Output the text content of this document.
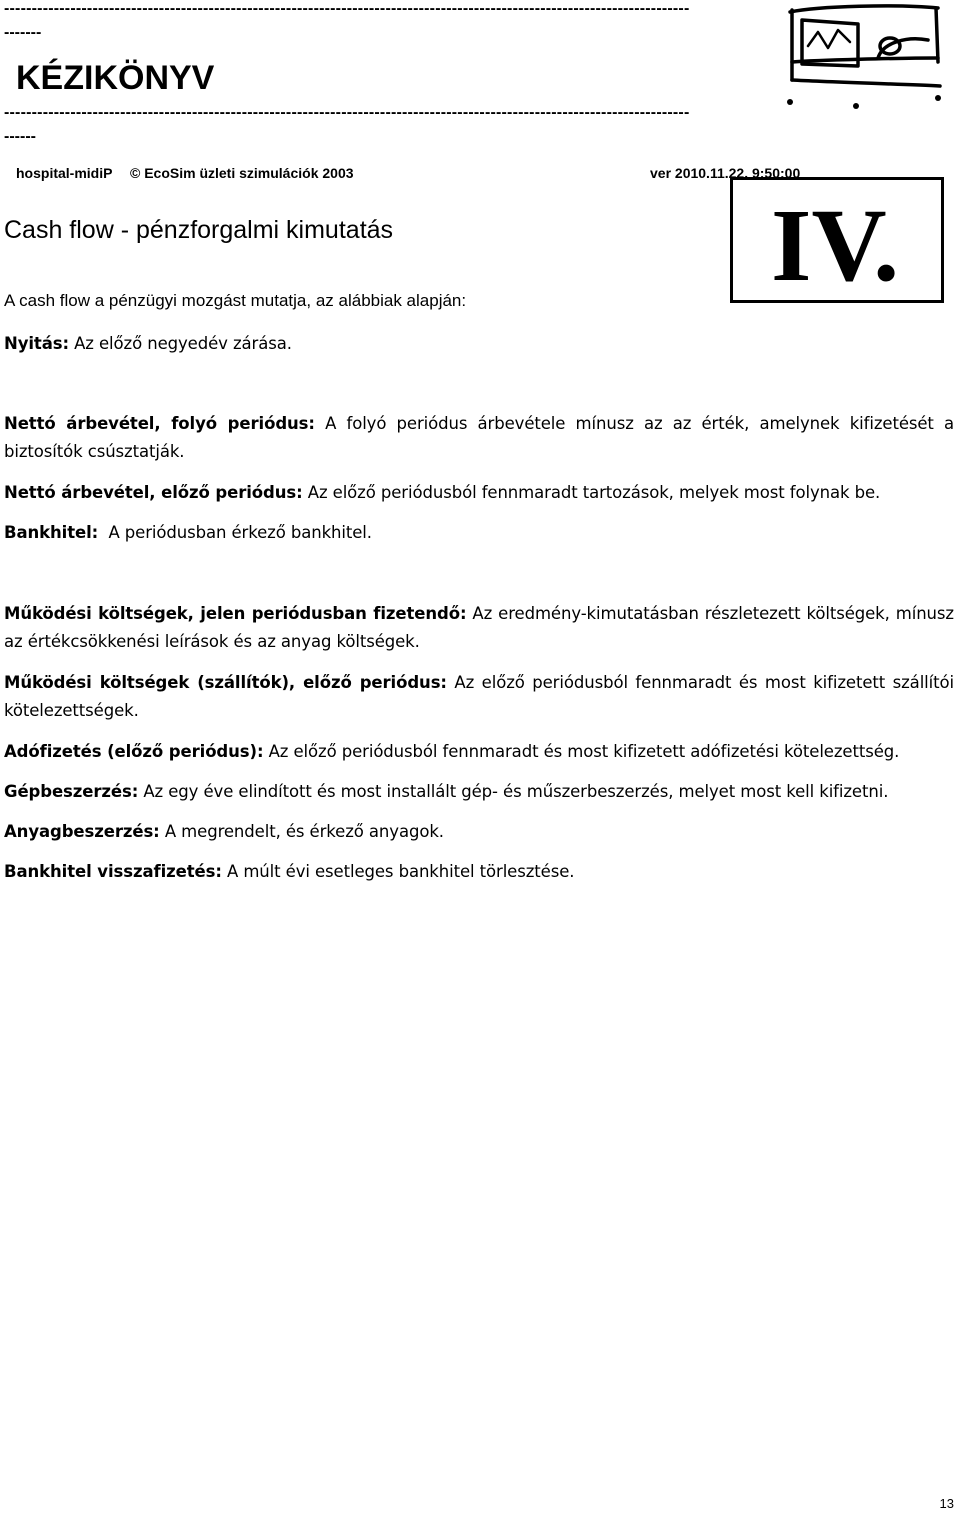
----------------------------------------------------------------------------------------------------------------------------
-------
KÉZIKÖNYV
----------------------------------------------------------------------------------------------------------------------------
------
hospital-midiP © EcoSim üzleti szimulációk 2003	ver 2010.11.22. 9:50:00
IV.
Cash flow - pénzforgalmi kimutatás
A cash flow a pénzügyi mozgást mutatja, az alábbiak alapján:
Nyitás: Az előző negyedév zárása.
Nettó árbevétel, folyó periódus: A folyó periódus árbevétele mínusz az az érték, amelynek kifizetését a biztosítók csúsztatják.
Nettó árbevétel, előző periódus: Az előző periódusból fennmaradt tartozások, melyek most folynak be.
Bankhitel:  A periódusban érkező bankhitel.
Működési költségek, jelen periódusban fizetendő: Az eredmény-kimutatásban részletezett költségek, mínusz az értékcsökkenési leírások és az anyag költségek.
Működési költségek (szállítók), előző periódus: Az előző periódusból fennmaradt és most kifizetett szállítói kötelezettségek.
Adófizetés (előző periódus): Az előző periódusból fennmaradt és most kifizetett adófizetési kötelezettség.
Gépbeszerzés: Az egy éve elindított és most installált gép- és műszerbeszerzés, melyet most kell kifizetni.
Anyagbeszerzés: A megrendelt, és érkező anyagok.
Bankhitel visszafizetés: A múlt évi esetleges bankhitel törlesztése.
13
